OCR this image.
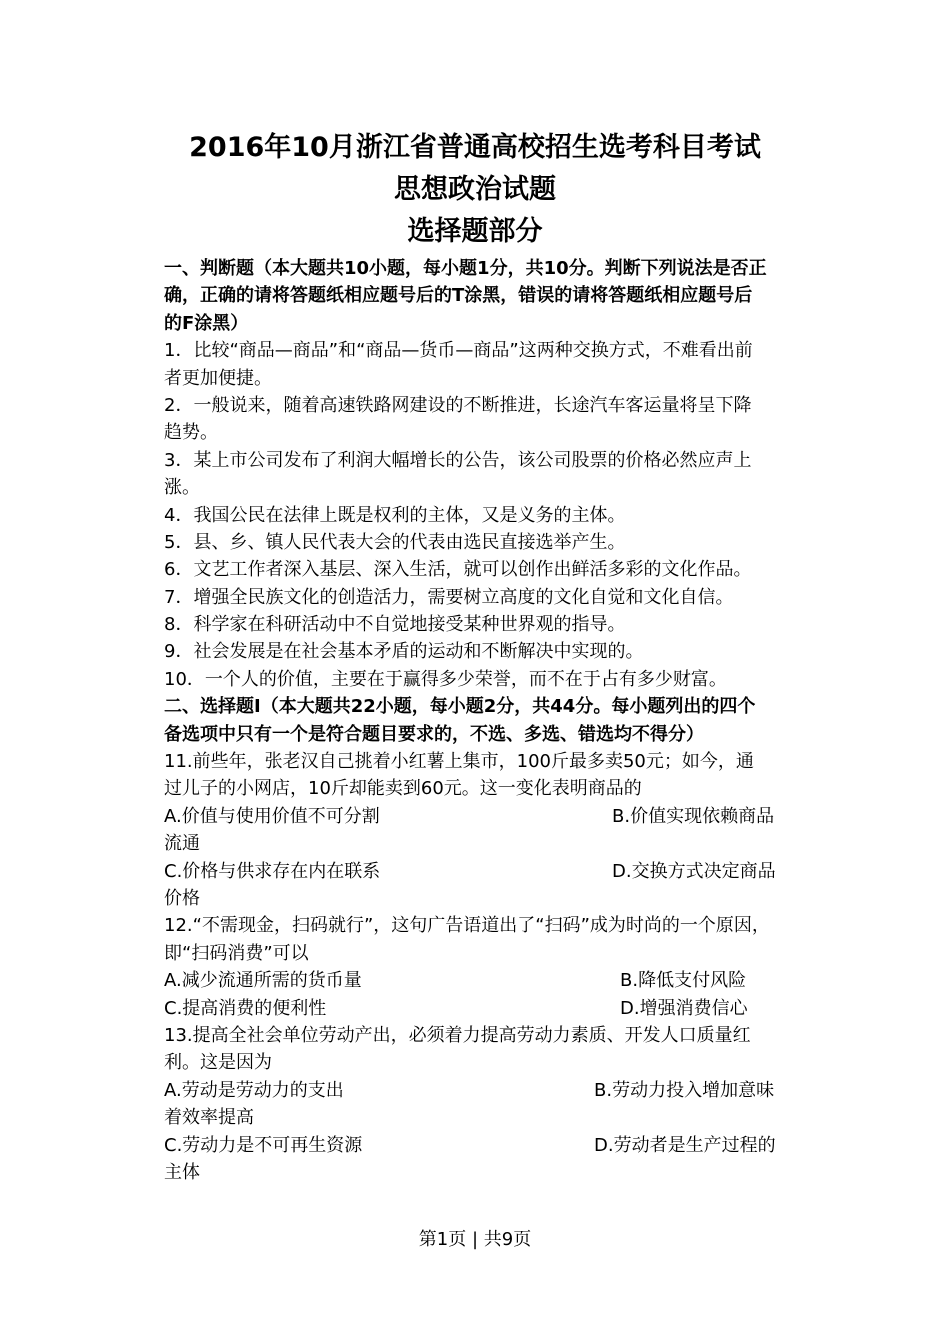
2016年10月浙江省普通高校招生选考科目考试
思想政治试题
选择题部分
一、判断题（本大题共10小题，每小题1分，共10分。判断下列说法是否正
确，正确的请将答题纸相应题号后的T涂黑，错误的请将答题纸相应题号后
的F涂黑）
1．比较“商品—商品”和“商品—货币—商品”这两种交换方式，不难看出前
者更加便捷。
2．一般说来，随着高速铁路网建设的不断推进，长途汽车客运量将呈下降
趋势。
3．某上市公司发布了利润大幅增长的公告，该公司股票的价格必然应声上
涨。
4．我国公民在法律上既是权利的主体，又是义务的主体。
5．县、乡、镇人民代表大会的代表由选民直接选举产生。
6．文艺工作者深入基层、深入生活，就可以创作出鲜活多彩的文化作品。
7．增强全民族文化的创造活力，需要树立高度的文化自觉和文化自信。
8．科学家在科研活动中不自觉地接受某种世界观的指导。
9．社会发展是在社会基本矛盾的运动和不断解决中实现的。
10．一个人的价值，主要在于赢得多少荣誉，而不在于占有多少财富。
二、选择题Ⅰ（本大题共22小题，每小题2分，共44分。每小题列出的四个
备选项中只有一个是符合题目要求的，不选、多选、错选均不得分）
11.前些年，张老汉自己挑着小红薯上集市，100斤最多卖50元；如今，通
过儿子的小网店，10斤却能卖到60元。这一变化表明商品的
A.价值与使用价值不可分割	B.价值实现依赖商品
流通
C.价格与供求存在内在联系	D.交换方式决定商品
价格
12.“不需现金，扫码就行”，这句广告语道出了“扫码”成为时尚的一个原因，
即“扫码消费”可以
A.减少流通所需的货币量	B.降低支付风险
C.提高消费的便利性	D.增强消费信心
13.提高全社会单位劳动产出，必须着力提高劳动力素质、开发人口质量红
利。这是因为
A.劳动是劳动力的支出	B.劳动力投入增加意味
着效率提高
C.劳动力是不可再生资源	D.劳动者是生产过程的
主体
第1页 | 共9页
